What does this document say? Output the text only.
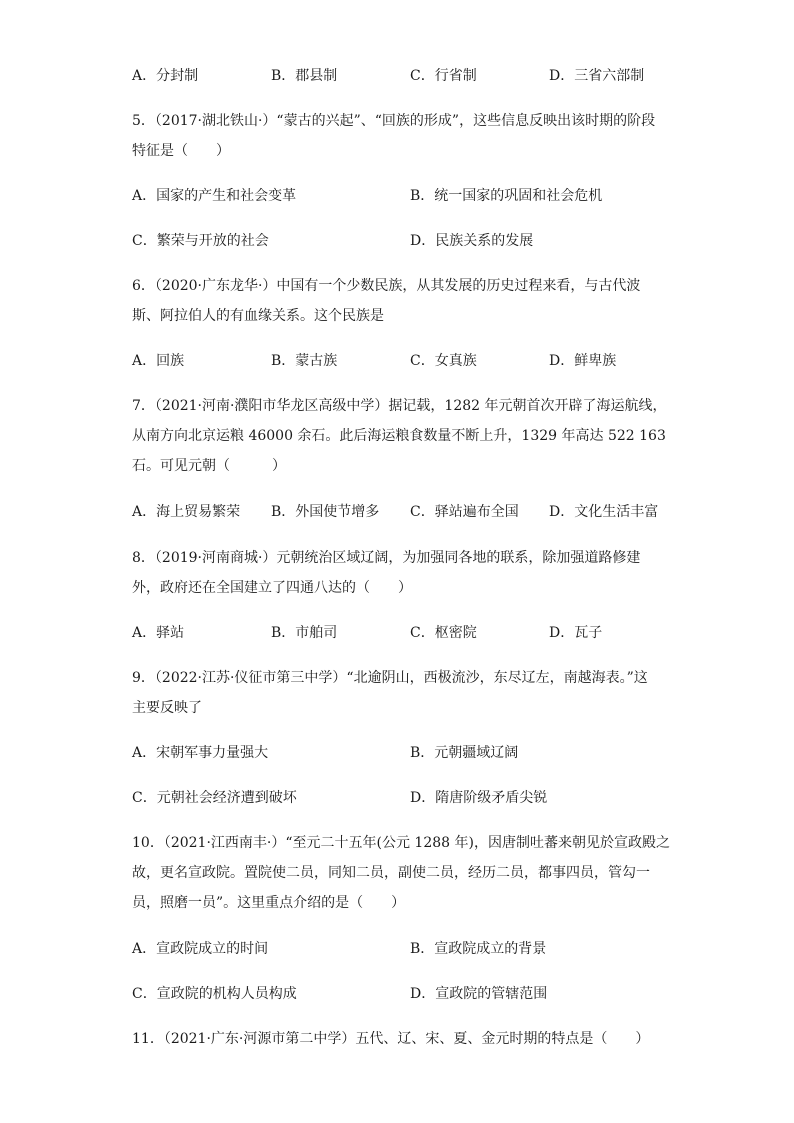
A．分封制	B．郡县制	C．行省制	D．三省六部制
5．（2017·湖北铁山·）“蒙古的兴起”、“回族的形成”，这些信息反映出该时期的阶段
特征是（　　）
A．国家的产生和社会变革	B．统一国家的巩固和社会危机
C．繁荣与开放的社会	D．民族关系的发展
6．（2020·广东龙华·）中国有一个少数民族，从其发展的历史过程来看，与古代波
斯、阿拉伯人的有血缘关系。这个民族是
A．回族	B．蒙古族	C．女真族	D．鲜卑族
7．（2021·河南·濮阳市华龙区高级中学）据记载，1282 年元朝首次开辟了海运航线，
从南方向北京运粮 46000 余石。此后海运粮食数量不断上升，1329 年高达 522 163
石。可见元朝（　　　）
A．海上贸易繁荣 B．外国使节增多 C．驿站遍布全国 D．文化生活丰富
8．（2019·河南商城·）元朝统治区域辽阔，为加强同各地的联系，除加强道路修建
外，政府还在全国建立了四通八达的（　　）
A．驿站	B．市舶司	C．枢密院	D．瓦子
9．（2022·江苏·仪征市第三中学）“北逾阴山，西极流沙，东尽辽左，南越海表。”这
主要反映了
A．宋朝军事力量强大	B．元朝疆域辽阔
C．元朝社会经济遭到破坏	D．隋唐阶级矛盾尖锐
10．（2021·江西南丰·）“至元二十五年(公元 1288 年)，因唐制吐蕃来朝见於宣政殿之
故，更名宣政院。置院使二员，同知二员，副使二员，经历二员，都事四员，管勾一
员，照磨一员”。这里重点介绍的是（　　）
A．宣政院成立的时间	B．宣政院成立的背景
C．宣政院的机构人员构成	D．宣政院的管辖范围
11．（2021·广东·河源市第二中学）五代、辽、宋、夏、金元时期的特点是（　　）
